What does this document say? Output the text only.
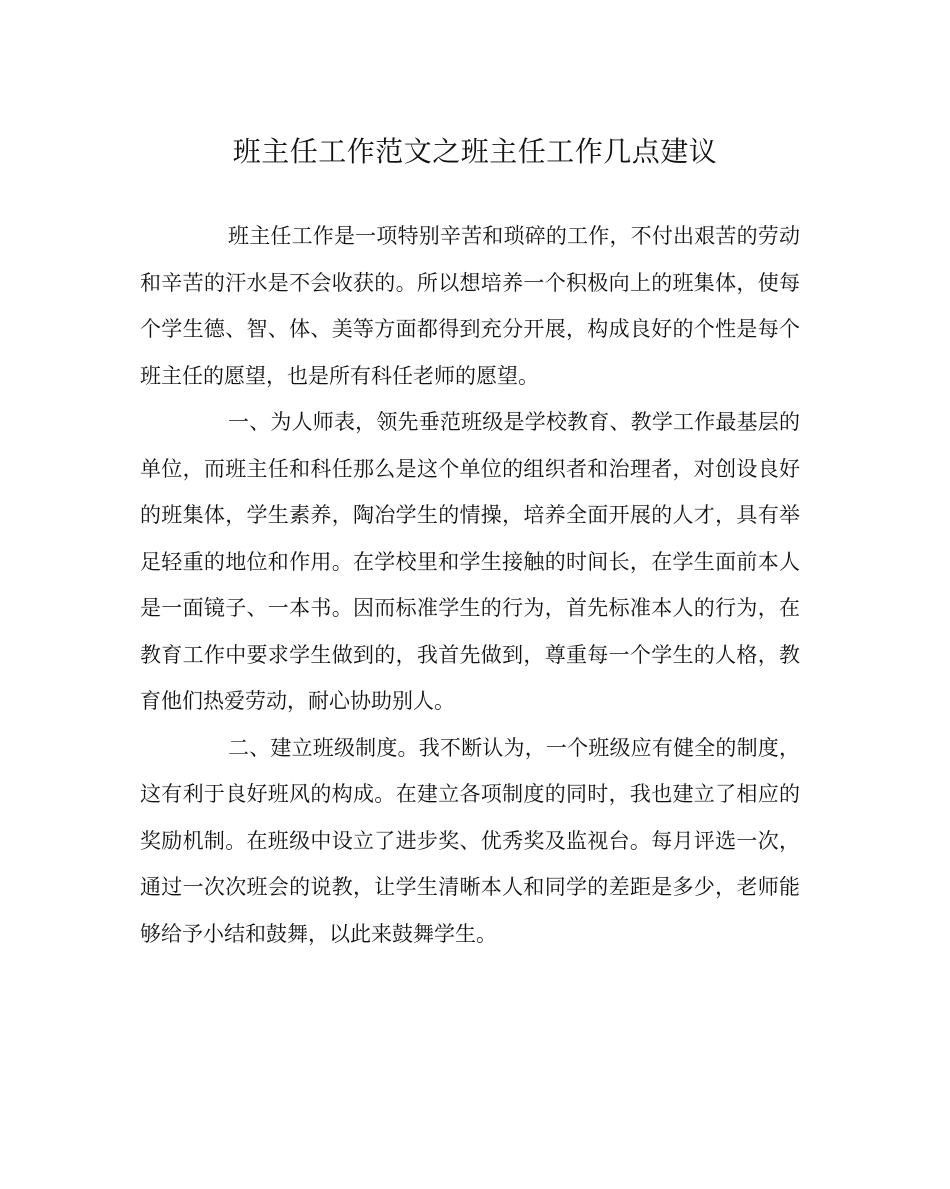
班主任工作范文之班主任工作几点建议

班主任工作是一项特别辛苦和琐碎的工作，不付出艰苦的劳动和辛苦的汗水是不会收获的。所以想培养一个积极向上的班集体，使每个学生德、智、体、美等方面都得到充分开展，构成良好的个性是每个班主任的愿望，也是所有科任老师的愿望。

一、为人师表，领先垂范班级是学校教育、教学工作最基层的单位，而班主任和科任那么是这个单位的组织者和治理者，对创设良好的班集体，学生素养，陶冶学生的情操，培养全面开展的人才，具有举足轻重的地位和作用。在学校里和学生接触的时间长，在学生面前本人是一面镜子、一本书。因而标准学生的行为，首先标准本人的行为，在教育工作中要求学生做到的，我首先做到，尊重每一个学生的人格，教育他们热爱劳动，耐心协助别人。

二、建立班级制度。我不断认为，一个班级应有健全的制度，这有利于良好班风的构成。在建立各项制度的同时，我也建立了相应的奖励机制。在班级中设立了进步奖、优秀奖及监视台。每月评选一次，通过一次次班会的说教，让学生清晰本人和同学的差距是多少，老师能够给予小结和鼓舞，以此来鼓舞学生。
